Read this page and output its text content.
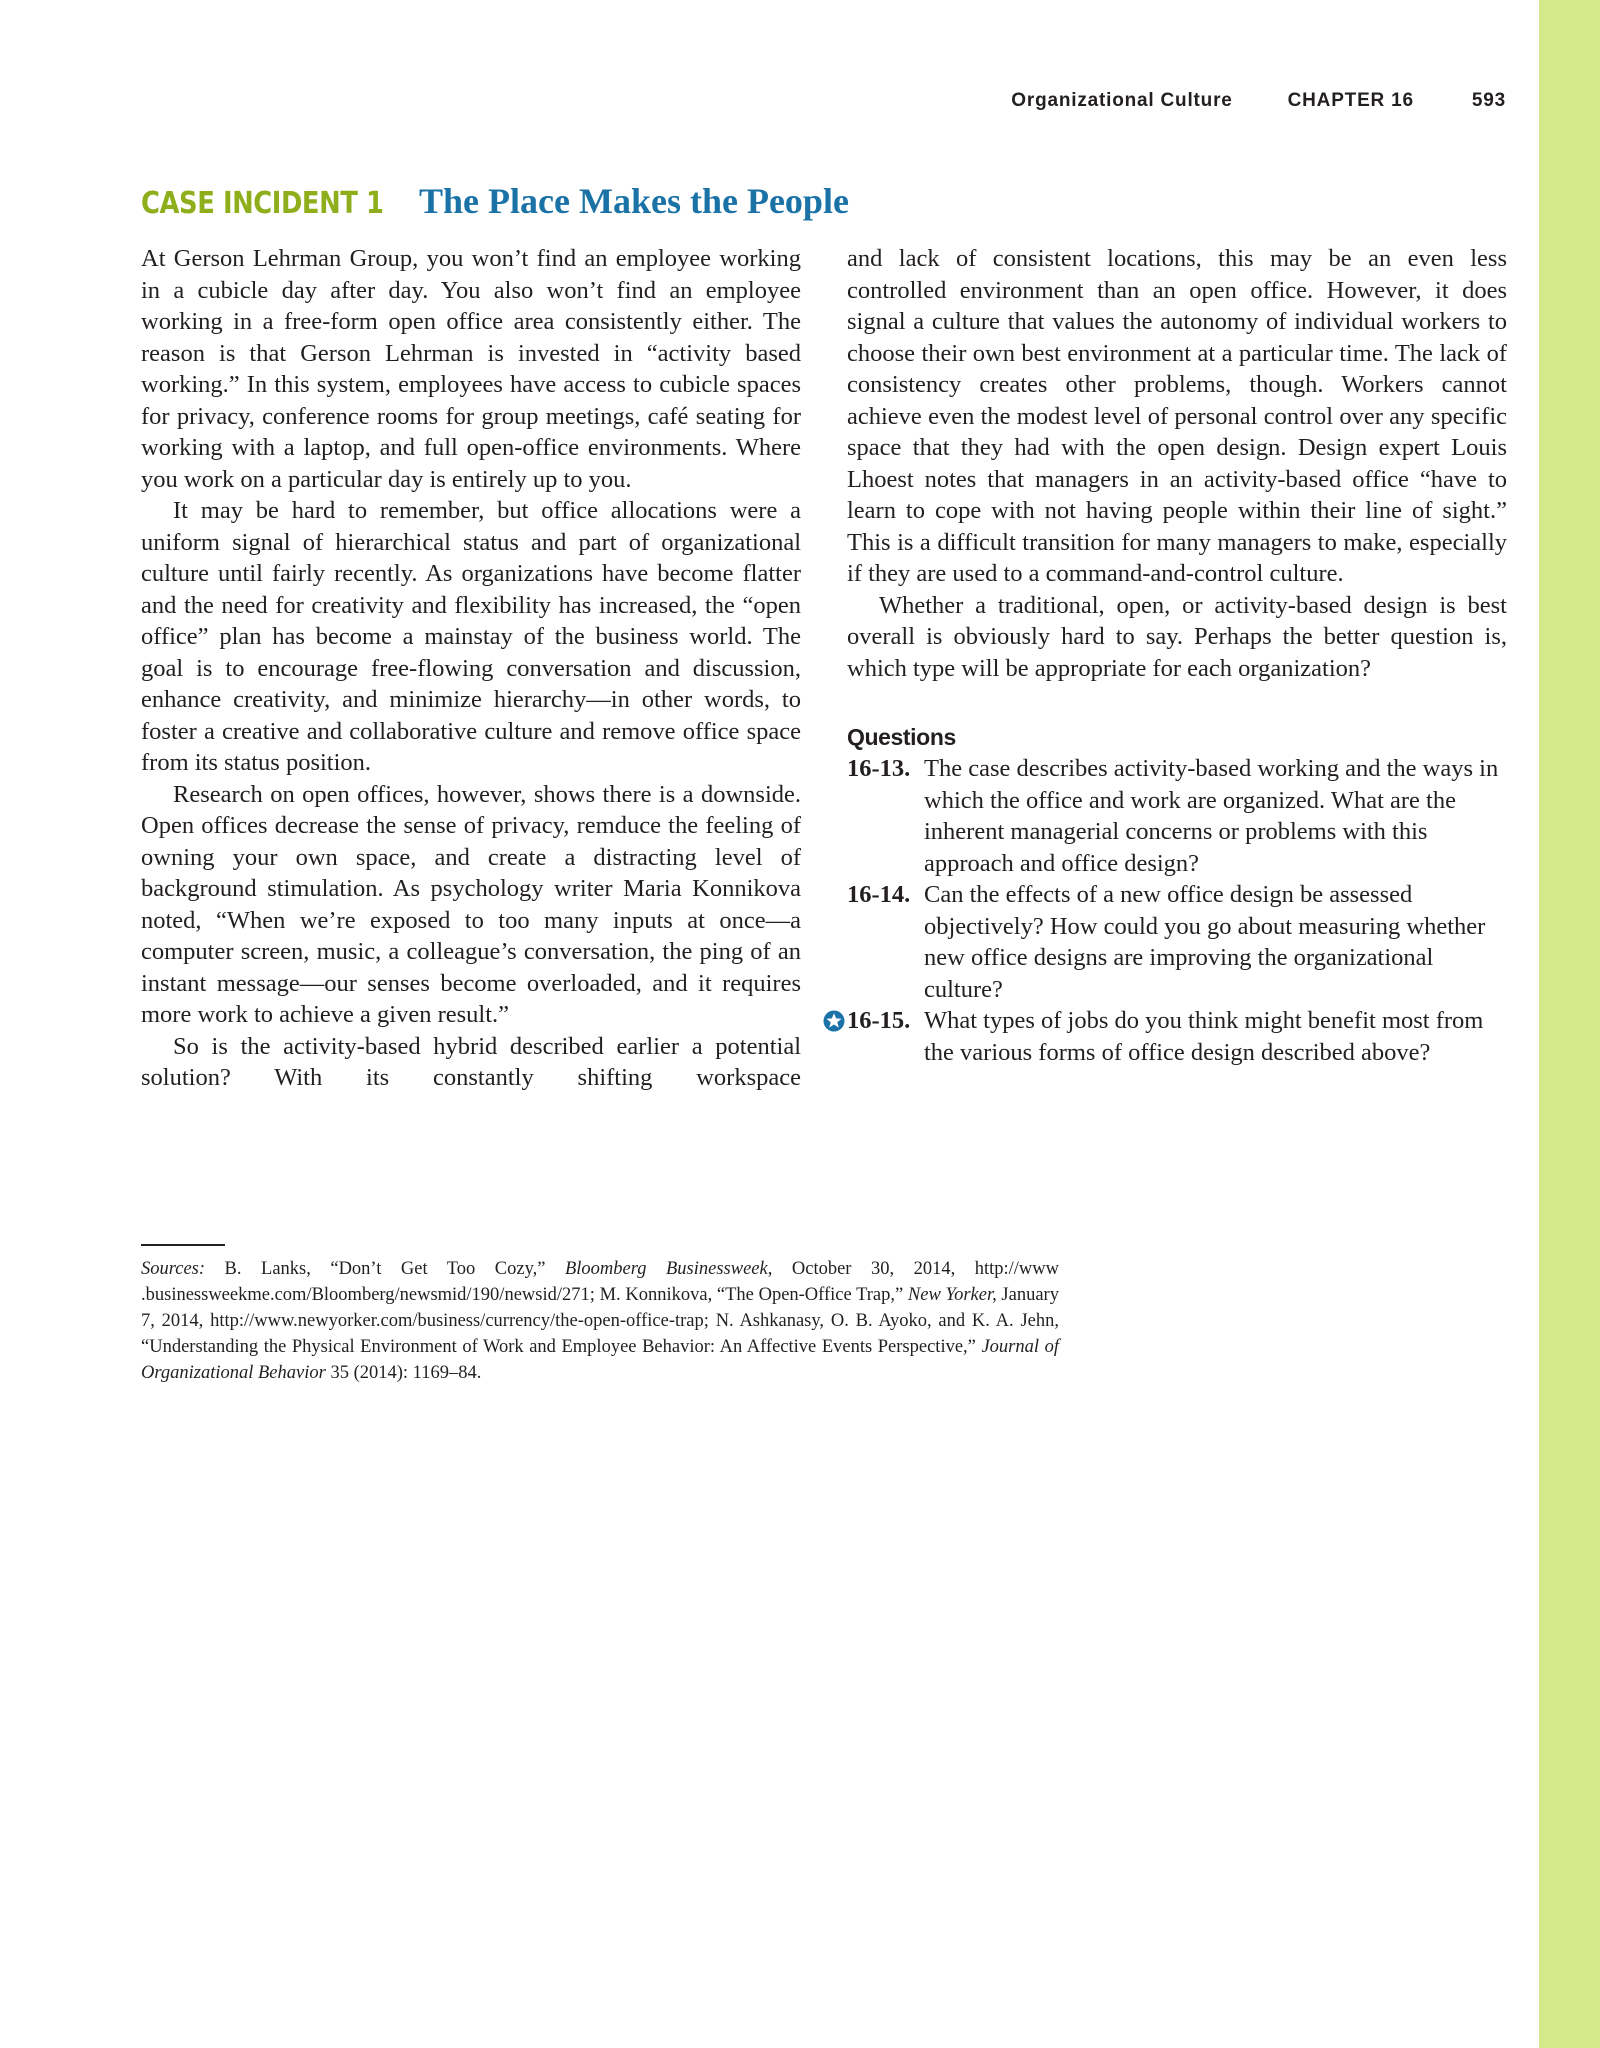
Organizational Culture	CHAPTER 16	593
CASE INCIDENT 1 The Place Makes the People

At Gerson Lehrman Group, you won’t find an employee working in a cubicle day after day. You also won’t find an employee working in a free-form open office area consistently either. The reason is that Gerson Lehrman is invested in “activity based working.” In this system, employees have access to cubicle spaces for privacy, conference rooms for group meetings, café seating for working with a laptop, and full open-office environments. Where you work on a particular day is entirely up to you.

It may be hard to remember, but office allocations were a uniform signal of hierarchical status and part of organizational culture until fairly recently. As organizations have become flatter and the need for creativity and flexibility has increased, the “open office” plan has become a mainstay of the business world. The goal is to encourage free-flowing conversation and discussion, enhance creativity, and minimize hierarchy—in other words, to foster a creative and collaborative culture and remove office space from its status position.

Research on open offices, however, shows there is a downside. Open offices decrease the sense of privacy, remduce the feeling of owning your own space, and create a distracting level of background stimulation. As psychology writer Maria Konnikova noted, “When we’re exposed to too many inputs at once—a computer screen, music, a colleague’s conversation, the ping of an instant message—our senses become overloaded, and it requires more work to achieve a given result.”

So is the activity-based hybrid described earlier a potential solution? With its constantly shifting workspace

and lack of consistent locations, this may be an even less controlled environment than an open office. However, it does signal a culture that values the autonomy of individual workers to choose their own best environment at a particular time. The lack of consistency creates other problems, though. Workers cannot achieve even the modest level of personal control over any specific space that they had with the open design. Design expert Louis Lhoest notes that managers in an activity-based office “have to learn to cope with not having people within their line of sight.” This is a difficult transition for many managers to make, especially if they are used to a command-and-control culture.

Whether a traditional, open, or activity-based design is best overall is obviously hard to say. Perhaps the better question is, which type will be appropriate for each organization?

Questions
16-13. The case describes activity-based working and the ways in which the office and work are organized. What are the inherent managerial concerns or problems with this approach and office design?
16-14. Can the effects of a new office design be assessed objectively? How could you go about measuring whether new office designs are improving the organizational culture?
16-15. What types of jobs do you think might benefit most from the various forms of office design described above?

Sources: B. Lanks, “Don’t Get Too Cozy,” Bloomberg Businessweek, October 30, 2014, http://www .businessweekme.com/Bloomberg/newsmid/190/newsid/271; M. Konnikova, “The Open-Office Trap,” New Yorker, January 7, 2014, http://www.newyorker.com/business/currency/the-open-office-trap; N. Ashkanasy, O. B. Ayoko, and K. A. Jehn, “Understanding the Physical Environment of Work and Employee Behavior: An Affective Events Perspective,” Journal of Organizational Behavior 35 (2014): 1169–84.
